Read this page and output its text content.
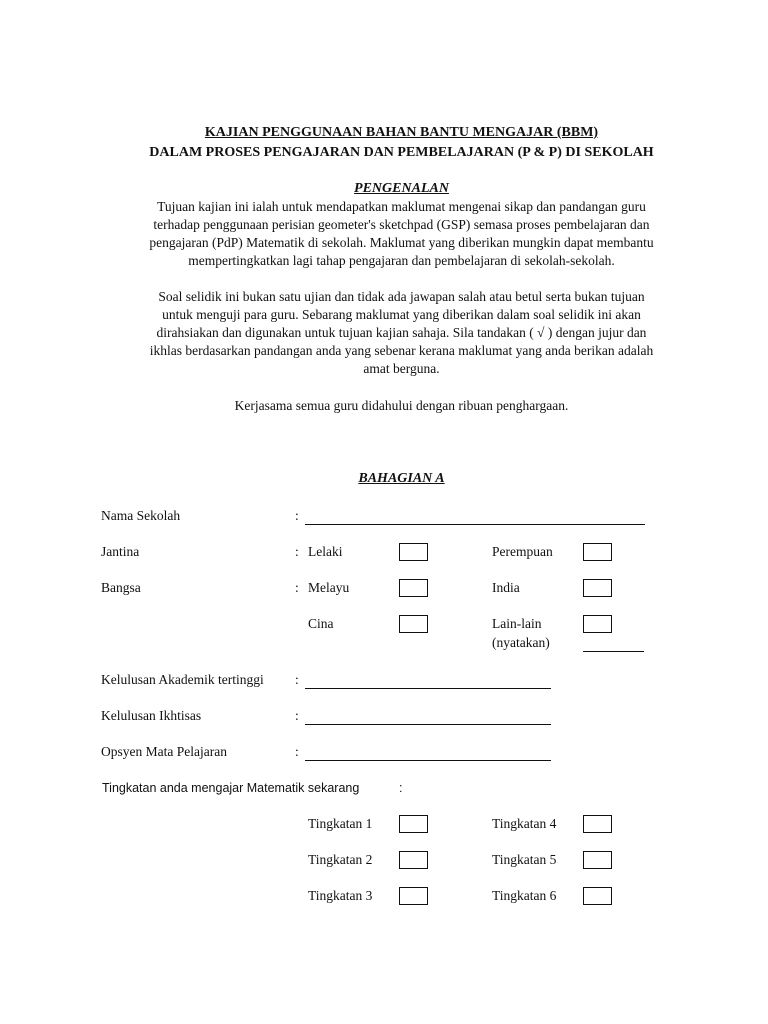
KAJIAN PENGGUNAAN BAHAN BANTU MENGAJAR (BBM)
DALAM PROSES PENGAJARAN DAN PEMBELAJARAN (P & P) DI SEKOLAH
PENGENALAN
Tujuan kajian ini ialah untuk mendapatkan maklumat mengenai sikap dan pandangan guru
terhadap penggunaan perisian geometer's sketchpad (GSP) semasa proses pembelajaran dan
pengajaran (PdP) Matematik di sekolah. Maklumat yang diberikan mungkin dapat membantu
mempertingkatkan lagi tahap pengajaran dan pembelajaran di sekolah-sekolah.
Soal selidik ini bukan satu ujian dan tidak ada jawapan salah atau betul serta bukan tujuan
untuk menguji para guru. Sebarang maklumat yang diberikan dalam soal selidik ini akan
dirahsiakan dan digunakan untuk tujuan kajian sahaja. Sila tandakan ( √ ) dengan jujur dan
ikhlas berdasarkan pandangan anda yang sebenar kerana maklumat yang anda berikan adalah
amat berguna.
Kerjasama semua guru didahului dengan ribuan penghargaan.
BAHAGIAN A
Nama Sekolah	:
Jantina	: Lelaki	Perempuan
Bangsa	: Melayu	India
Cina	Lain-lain
(nyatakan)
Kelulusan Akademik tertinggi :
Kelulusan Ikhtisas	:
Opsyen Mata Pelajaran	:
Tingkatan anda mengajar Matematik sekarang	:
Tingkatan 1	Tingkatan 4
Tingkatan 2	Tingkatan 5
Tingkatan 3	Tingkatan 6
